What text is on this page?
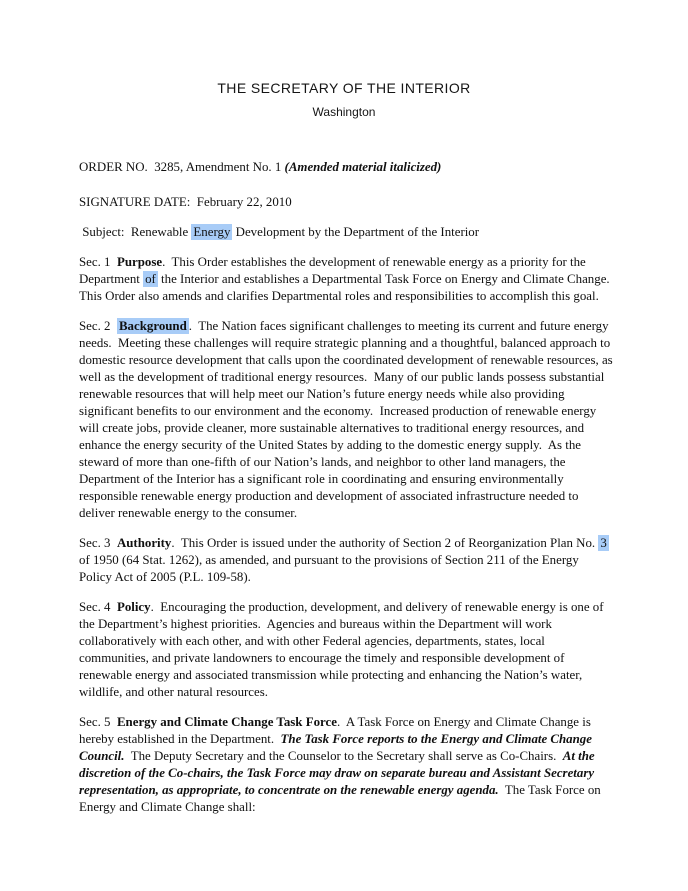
THE SECRETARY OF THE INTERIOR
Washington

ORDER NO.  3285, Amendment No. 1 (Amended material italicized)

SIGNATURE DATE:  February 22, 2010

Subject:  Renewable Energy Development by the Department of the Interior

Sec. 1  Purpose.  This Order establishes the development of renewable energy as a priority for the Department of the Interior and establishes a Departmental Task Force on Energy and Climate Change.  This Order also amends and clarifies Departmental roles and responsibilities to accomplish this goal.

Sec. 2  Background .  The Nation faces significant challenges to meeting its current and future energy needs.  Meeting these challenges will require strategic planning and a thoughtful, balanced approach to domestic resource development that calls upon the coordinated development of renewable resources, as well as the development of traditional energy resources.  Many of our public lands possess substantial renewable resources that will help meet our Nation’s future energy needs while also providing significant benefits to our environment and the economy.  Increased production of renewable energy will create jobs, provide cleaner, more sustainable alternatives to traditional energy resources, and enhance the energy security of the United States by adding to the domestic energy supply.  As the steward of more than one-fifth of our Nation’s lands, and neighbor to other land managers, the Department of the Interior has a significant role in coordinating and ensuring environmentally responsible renewable energy production and development of associated infrastructure needed to deliver renewable energy to the consumer.

Sec. 3  Authority.  This Order is issued under the authority of Section 2 of Reorganization Plan No. 3 of 1950 (64 Stat. 1262), as amended, and pursuant to the provisions of Section 211 of the Energy Policy Act of 2005 (P.L. 109-58).

Sec. 4  Policy.  Encouraging the production, development, and delivery of renewable energy is one of the Department’s highest priorities.  Agencies and bureaus within the Department will work collaboratively with each other, and with other Federal agencies, departments, states, local communities, and private landowners to encourage the timely and responsible development of renewable energy and associated transmission while protecting and enhancing the Nation’s water, wildlife, and other natural resources.

Sec. 5  Energy and Climate Change Task Force.  A Task Force on Energy and Climate Change is hereby established in the Department.  The Task Force reports to the Energy and Climate Change Council.  The Deputy Secretary and the Counselor to the Secretary shall serve as Co-Chairs.  At the discretion of the Co-chairs, the Task Force may draw on separate bureau and Assistant Secretary representation, as appropriate, to concentrate on the renewable energy agenda.  The Task Force on Energy and Climate Change shall:
